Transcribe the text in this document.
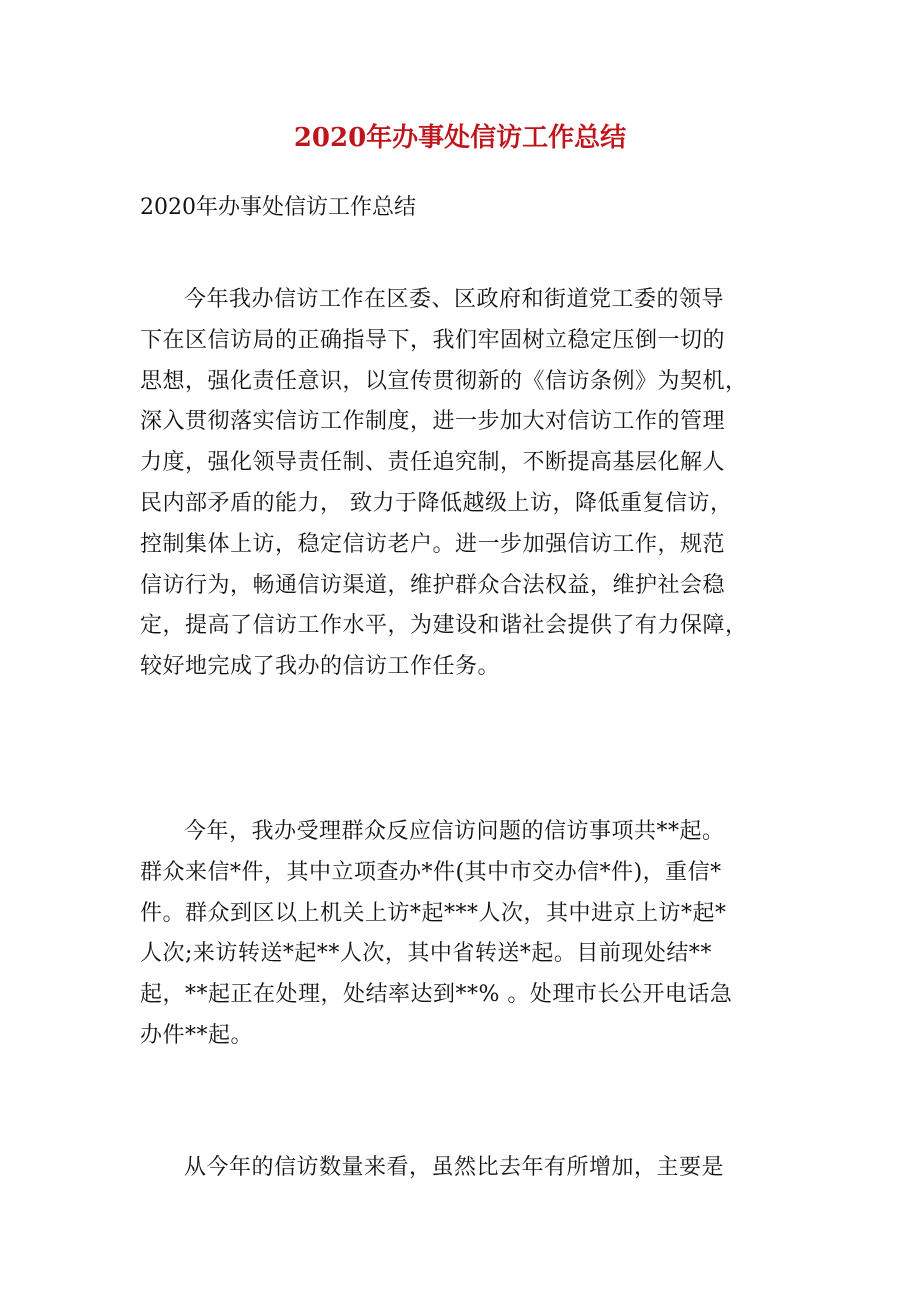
2020年办事处信访工作总结

2020年办事处信访工作总结

今年我办信访工作在区委、区政府和街道党工委的领导
下在区信访局的正确指导下，我们牢固树立稳定压倒一切的
思想，强化责任意识，以宣传贯彻新的《信访条例》为契机，
深入贯彻落实信访工作制度，进一步加大对信访工作的管理
力度，强化领导责任制、责任追究制，不断提高基层化解人
民内部矛盾的能力， 致力于降低越级上访，降低重复信访，
控制集体上访，稳定信访老户。进一步加强信访工作，规范
信访行为，畅通信访渠道，维护群众合法权益，维护社会稳
定，提高了信访工作水平，为建设和谐社会提供了有力保障，
较好地完成了我办的信访工作任务。
今年，我办受理群众反应信访问题的信访事项共**起。
群众来信*件，其中立项查办*件(其中市交办信*件)，重信*
件。群众到区以上机关上访*起***人次，其中进京上访*起*
人次;来访转送*起**人次，其中省转送*起。目前现处结**
起，**起正在处理，处结率达到**% 。处理市长公开电话急
办件**起。
从今年的信访数量来看，虽然比去年有所增加，主要是
